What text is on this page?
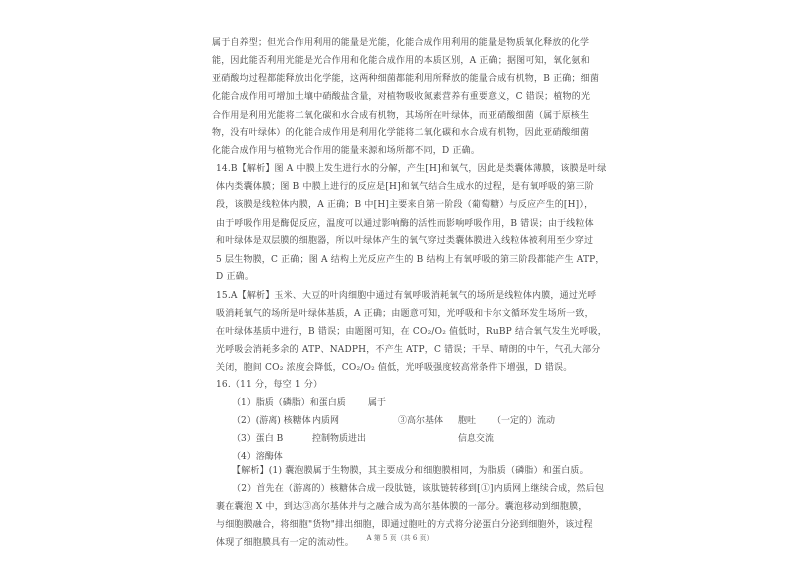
属于自养型；但光合作用利用的能量是光能，化能合成作用利用的能量是物质氧化释放的化学
能，因此能否利用光能是光合作用和化能合成作用的本质区别，A 正确；据图可知，氧化氨和
亚硝酸均过程都能释放出化学能，这两种细菌都能利用所释放的能量合成有机物，B 正确；细菌
化能合成作用可增加土壤中硝酸盐含量，对植物吸收氮素营养有重要意义，C 错误；植物的光
合作用是利用光能将二氧化碳和水合成有机物，其场所在叶绿体，而亚硝酸细菌（属于原核生
物，没有叶绿体）的化能合成作用是利用化学能将二氧化碳和水合成有机物，因此亚硝酸细菌
化能合成作用与植物光合作用的能量来源和场所都不同，D 正确。
14.B【解析】图 A 中膜上发生进行水的分解，产生[H]和氧气，因此是类囊体薄膜，该膜是叶绿
体内类囊体膜；图 B 中膜上进行的反应是[H]和氧气结合生成水的过程，是有氧呼吸的第三阶
段，该膜是线粒体内膜，A 正确；B 中[H]主要来自第一阶段（葡萄糖）与反应产生的[H]），
由于呼吸作用是酶促反应，温度可以通过影响酶的活性而影响呼吸作用，B 错误；由于线粒体
和叶绿体是双层膜的细胞器，所以叶绿体产生的氧气穿过类囊体膜进入线粒体被利用至少穿过
5 层生物膜，C 正确；图 A 结构上光反应产生的 B 结构上有氧呼吸的第三阶段都能产生 ATP，
D 正确。
15.A【解析】玉米、大豆的叶肉细胞中通过有氧呼吸消耗氧气的场所是线粒体内膜，通过光呼
吸消耗氧气的场所是叶绿体基质，A 正确；由题意可知，光呼吸和卡尔文循环发生场所一致，
在叶绿体基质中进行，B 错误；由题图可知，在 CO₂/O₂ 值低时，RuBP 结合氧气发生光呼吸，
光呼吸会消耗多余的 ATP、NADPH，不产生 ATP，C 错误；干旱、晴朗的中午，气孔大部分
关闭，胞间 CO₂ 浓度会降低，CO₂/O₂ 值低，光呼吸强度较高常条件下增强，D 错误。
16.（11 分，每空 1 分）
（1）脂质（磷脂）和蛋白质 属于
（2）(游离) 核糖体 内质网	③高尔基体 胞吐 （一定的）流动
（3）蛋白 B	控制物质进出	信息交流
（4）溶酶体
【解析】(1) 囊泡膜属于生物膜，其主要成分和细胞膜相同，为脂质（磷脂）和蛋白质。
（2）首先在（游离的）核糖体合成一段肽链，该肽链转移到[①]内质网上继续合成，然后包
裹在囊泡 X 中，到达③高尔基体并与之融合成为高尔基体膜的一部分。囊泡移动到细胞膜，
与细胞膜融合，将细胞"货物"排出细胞，即通过胞吐的方式将分泌蛋白分泌到细胞外，该过程
体现了细胞膜具有一定的流动性。	A 第 5 页（共 6 页）
